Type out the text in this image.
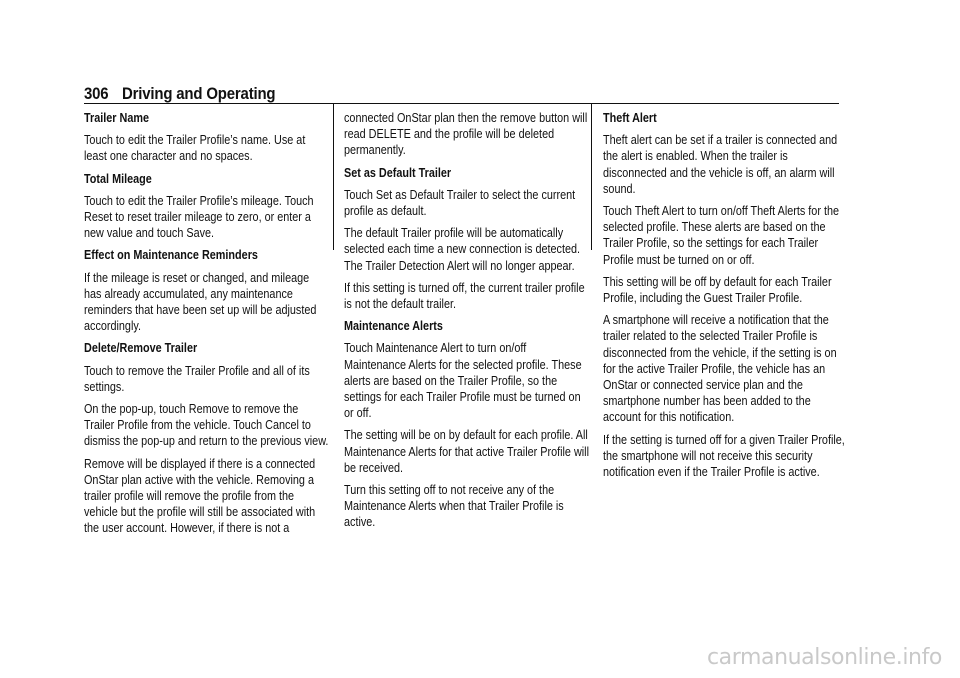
306 Driving and Operating

Trailer Name

Touch to edit the Trailer Profile’s name. Use at least one character and no spaces.

Total Mileage

Touch to edit the Trailer Profile’s mileage. Touch Reset to reset trailer mileage to zero, or enter a new value and touch Save.

Effect on Maintenance Reminders

If the mileage is reset or changed, and mileage has already accumulated, any maintenance reminders that have been set up will be adjusted accordingly.

Delete/Remove Trailer

Touch to remove the Trailer Profile and all of its settings.

On the pop-up, touch Remove to remove the Trailer Profile from the vehicle. Touch Cancel to dismiss the pop-up and return to the previous view.

Remove will be displayed if there is a connected OnStar plan active with the vehicle. Removing a trailer profile will remove the profile from the vehicle but the profile will still be associated with the user account. However, if there is not a

connected OnStar plan then the remove button will read DELETE and the profile will be deleted permanently.

Set as Default Trailer

Touch Set as Default Trailer to select the current profile as default.

The default Trailer profile will be automatically selected each time a new connection is detected. The Trailer Detection Alert will no longer appear.

If this setting is turned off, the current trailer profile is not the default trailer.

Maintenance Alerts

Touch Maintenance Alert to turn on/off Maintenance Alerts for the selected profile. These alerts are based on the Trailer Profile, so the settings for each Trailer Profile must be turned on or off.

The setting will be on by default for each profile. All Maintenance Alerts for that active Trailer Profile will be received.

Turn this setting off to not receive any of the Maintenance Alerts when that Trailer Profile is active.

Theft Alert

Theft alert can be set if a trailer is connected and the alert is enabled. When the trailer is disconnected and the vehicle is off, an alarm will sound.

Touch Theft Alert to turn on/off Theft Alerts for the selected profile. These alerts are based on the Trailer Profile, so the settings for each Trailer Profile must be turned on or off.

This setting will be off by default for each Trailer Profile, including the Guest Trailer Profile.

A smartphone will receive a notification that the trailer related to the selected Trailer Profile is disconnected from the vehicle, if the setting is on for the active Trailer Profile, the vehicle has an OnStar or connected service plan and the smartphone number has been added to the account for this notification.

If the setting is turned off for a given Trailer Profile, the smartphone will not receive this security notification even if the Trailer Profile is active.

carmanualsonline.info
